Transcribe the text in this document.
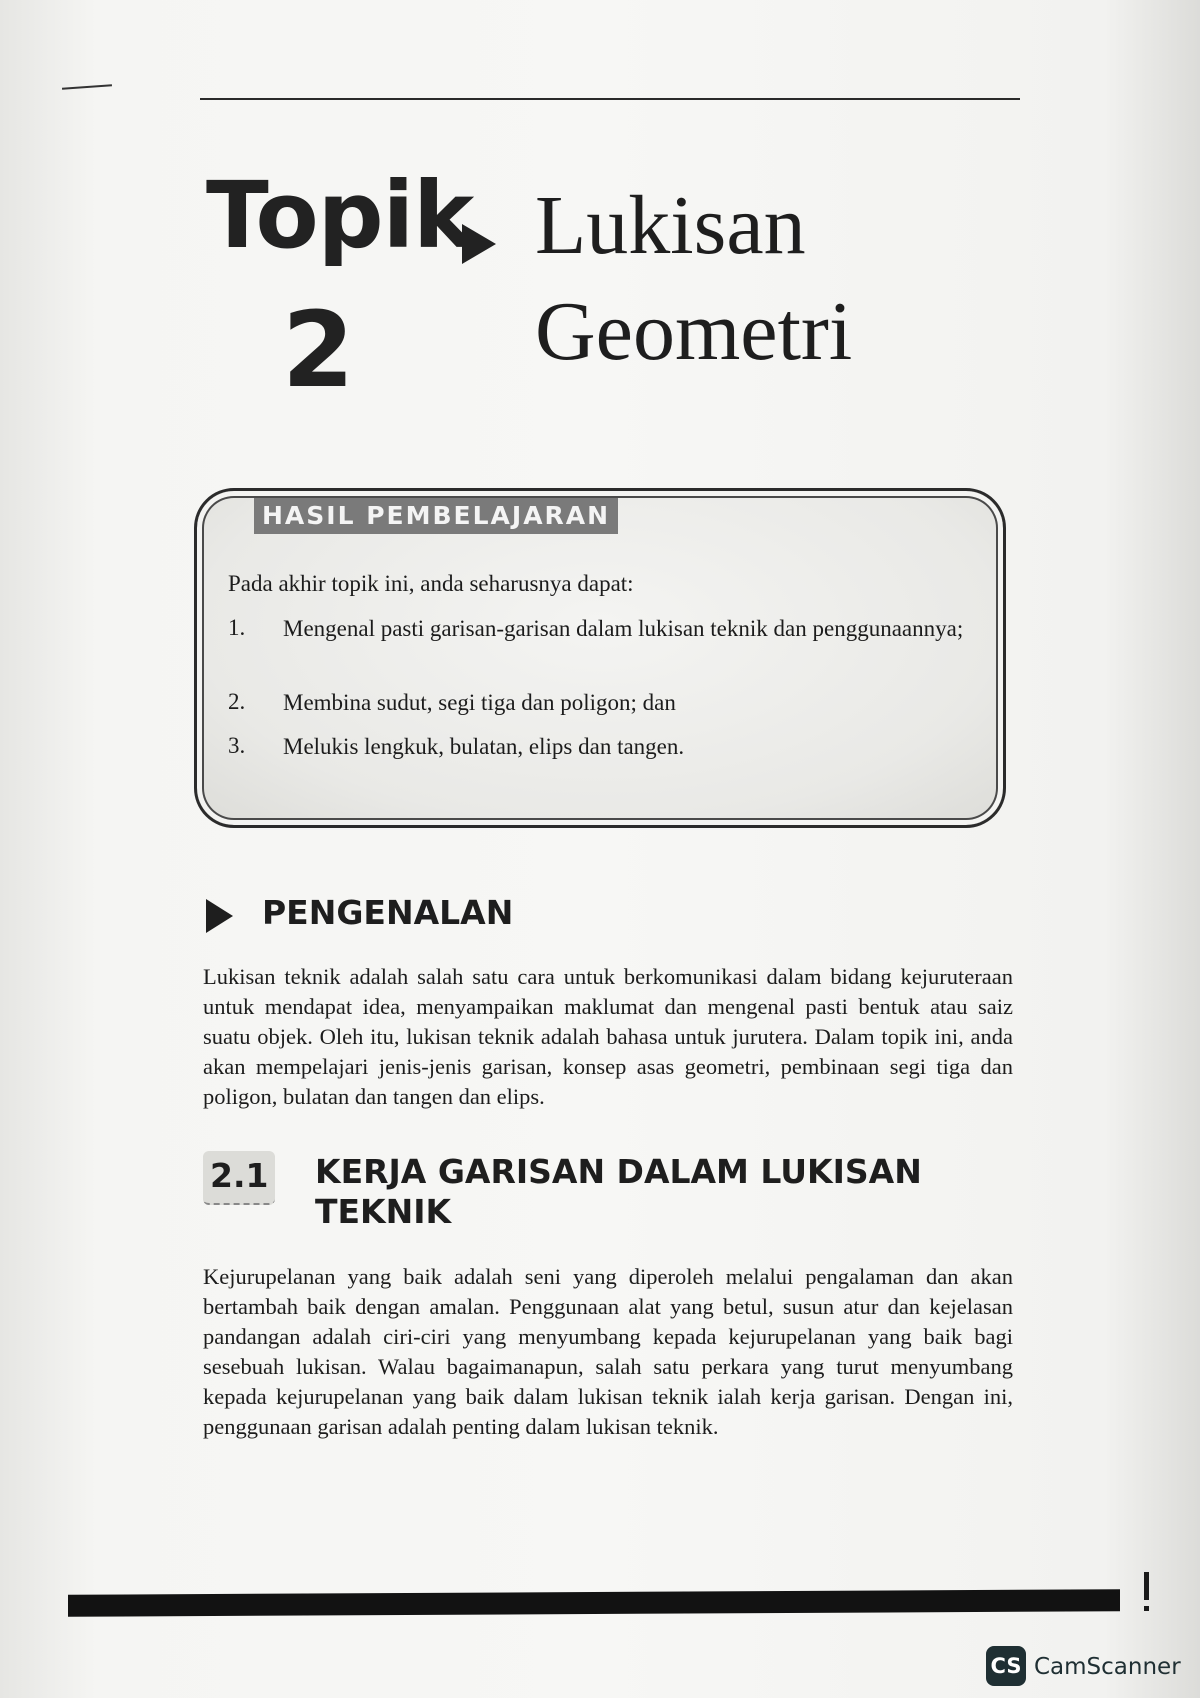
Topik
2
Lukisan
Geometri
HASIL PEMBELAJARAN
Pada akhir topik ini, anda seharusnya dapat:
1. Mengenal pasti garisan-garisan dalam lukisan teknik dan penggunaannya;
2. Membina sudut, segi tiga dan poligon; dan
3. Melukis lengkuk, bulatan, elips dan tangen.
PENGENALAN
Lukisan teknik adalah salah satu cara untuk berkomunikasi dalam bidang kejuruteraan untuk mendapat idea, menyampaikan maklumat dan mengenal pasti bentuk atau saiz suatu objek. Oleh itu, lukisan teknik adalah bahasa untuk jurutera. Dalam topik ini, anda akan mempelajari jenis-jenis garisan, konsep asas geometri, pembinaan segi tiga dan poligon, bulatan dan tangen dan elips.
2.1 KERJA GARISAN DALAM LUKISAN TEKNIK
Kejurupelanan yang baik adalah seni yang diperoleh melalui pengalaman dan akan bertambah baik dengan amalan. Penggunaan alat yang betul, susun atur dan kejelasan pandangan adalah ciri-ciri yang menyumbang kepada kejurupelanan yang baik bagi sesebuah lukisan. Walau bagaimanapun, salah satu perkara yang turut menyumbang kepada kejurupelanan yang baik dalam lukisan teknik ialah kerja garisan. Dengan ini, penggunaan garisan adalah penting dalam lukisan teknik.
CS CamScanner
